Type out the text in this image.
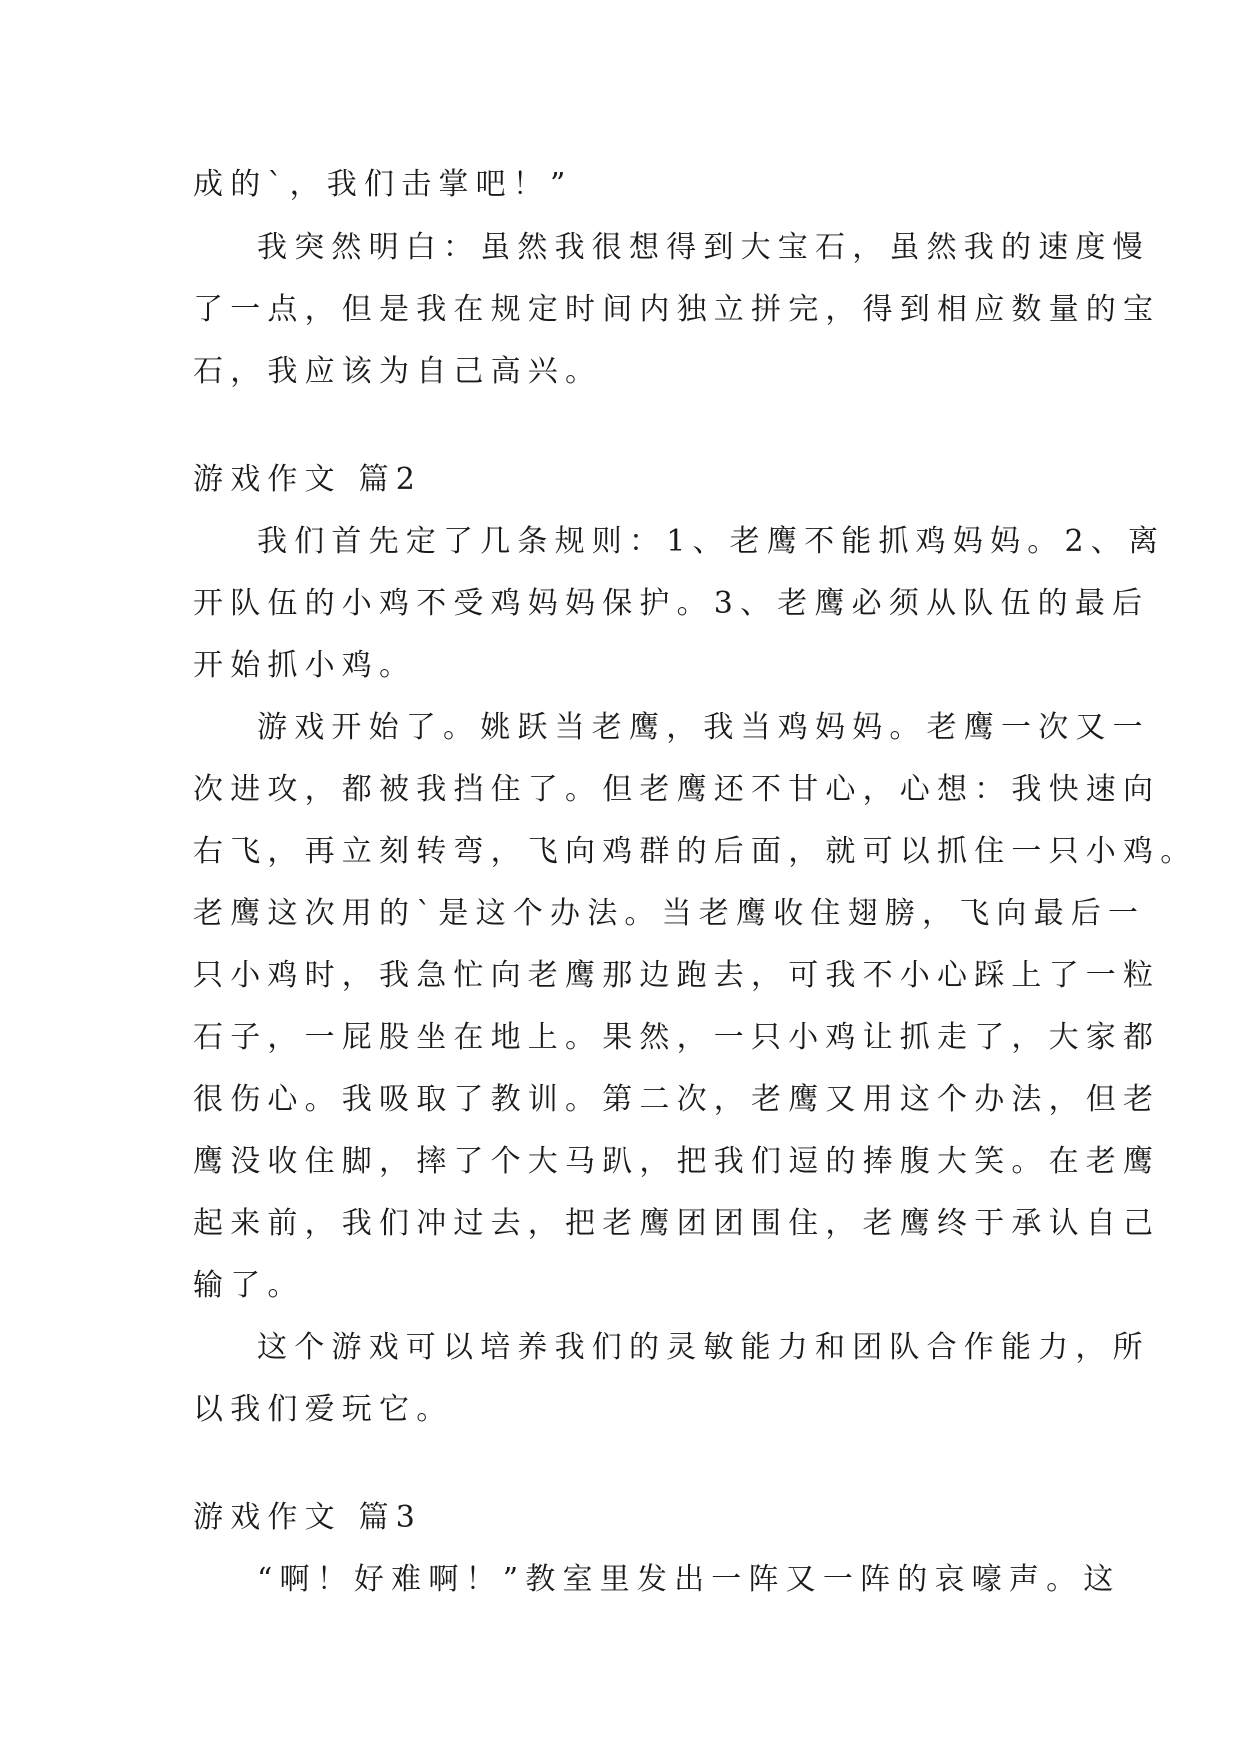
成的`，我们击掌吧！”
我突然明白：虽然我很想得到大宝石，虽然我的速度慢
了一点，但是我在规定时间内独立拼完，得到相应数量的宝
石，我应该为自己高兴。
游戏作文 篇2
我们首先定了几条规则：1、老鹰不能抓鸡妈妈。2、离
开队伍的小鸡不受鸡妈妈保护。3、老鹰必须从队伍的最后
开始抓小鸡。
游戏开始了。姚跃当老鹰，我当鸡妈妈。老鹰一次又一
次进攻，都被我挡住了。但老鹰还不甘心，心想：我快速向
右飞，再立刻转弯，飞向鸡群的后面，就可以抓住一只小鸡。
老鹰这次用的`是这个办法。当老鹰收住翅膀，飞向最后一
只小鸡时，我急忙向老鹰那边跑去，可我不小心踩上了一粒
石子，一屁股坐在地上。果然，一只小鸡让抓走了，大家都
很伤心。我吸取了教训。第二次，老鹰又用这个办法，但老
鹰没收住脚，摔了个大马趴，把我们逗的捧腹大笑。在老鹰
起来前，我们冲过去，把老鹰团团围住，老鹰终于承认自己
输了。
这个游戏可以培养我们的灵敏能力和团队合作能力，所
以我们爱玩它。
游戏作文 篇3
“啊！好难啊！”教室里发出一阵又一阵的哀嚎声。这
